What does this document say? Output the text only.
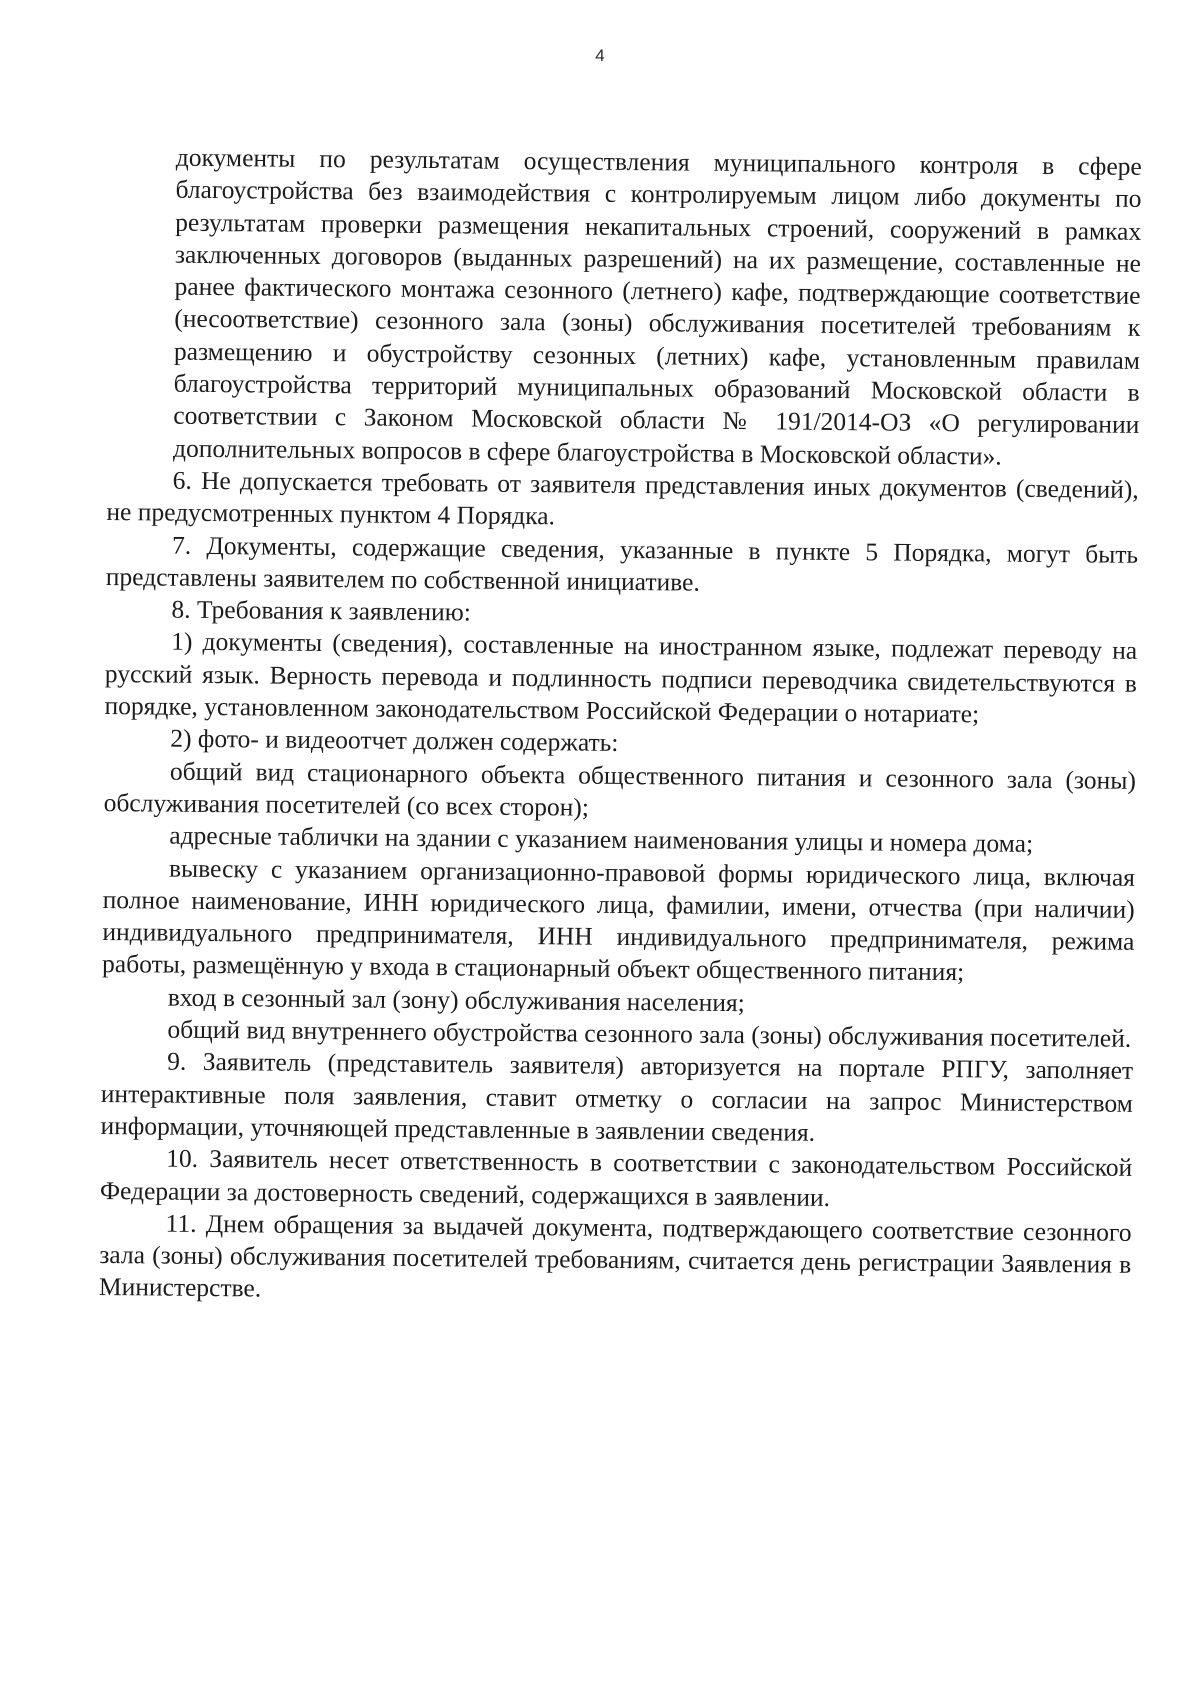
4

документы по результатам осуществления муниципального контроля в сфере благоустройства без взаимодействия с контролируемым лицом либо документы по результатам проверки размещения некапитальных строений, сооружений в рамках заключенных договоров (выданных разрешений) на их размещение, составленные не ранее фактического монтажа сезонного (летнего) кафе, подтверждающие соответствие (несоответствие) сезонного зала (зоны) обслуживания посетителей требованиям к размещению и обустройству сезонных (летних) кафе, установленным правилам благоустройства территорий муниципальных образований Московской области в соответствии с Законом Московской области № 191/2014-ОЗ «О регулировании дополнительных вопросов в сфере благоустройства в Московской области».

6. Не допускается требовать от заявителя представления иных документов (сведений), не предусмотренных пунктом 4 Порядка.

7. Документы, содержащие сведения, указанные в пункте 5 Порядка, могут быть представлены заявителем по собственной инициативе.

8. Требования к заявлению:

1) документы (сведения), составленные на иностранном языке, подлежат переводу на русский язык. Верность перевода и подлинность подписи переводчика свидетельствуются в порядке, установленном законодательством Российской Федерации о нотариате;

2) фото- и видеоотчет должен содержать:

общий вид стационарного объекта общественного питания и сезонного зала (зоны) обслуживания посетителей (со всех сторон);

адресные таблички на здании с указанием наименования улицы и номера дома;

вывеску с указанием организационно-правовой формы юридического лица, включая полное наименование, ИНН юридического лица, фамилии, имени, отчества (при наличии) индивидуального предпринимателя, ИНН индивидуального предпринимателя, режима работы, размещённую у входа в стационарный объект общественного питания;

вход в сезонный зал (зону) обслуживания населения;

общий вид внутреннего обустройства сезонного зала (зоны) обслуживания посетителей.

9. Заявитель (представитель заявителя) авторизуется на портале РПГУ, заполняет интерактивные поля заявления, ставит отметку о согласии на запрос Министерством информации, уточняющей представленные в заявлении сведения.

10. Заявитель несет ответственность в соответствии с законодательством Российской Федерации за достоверность сведений, содержащихся в заявлении.

11. Днем обращения за выдачей документа, подтверждающего соответствие сезонного зала (зоны) обслуживания посетителей требованиям, считается день регистрации Заявления в Министерстве.
